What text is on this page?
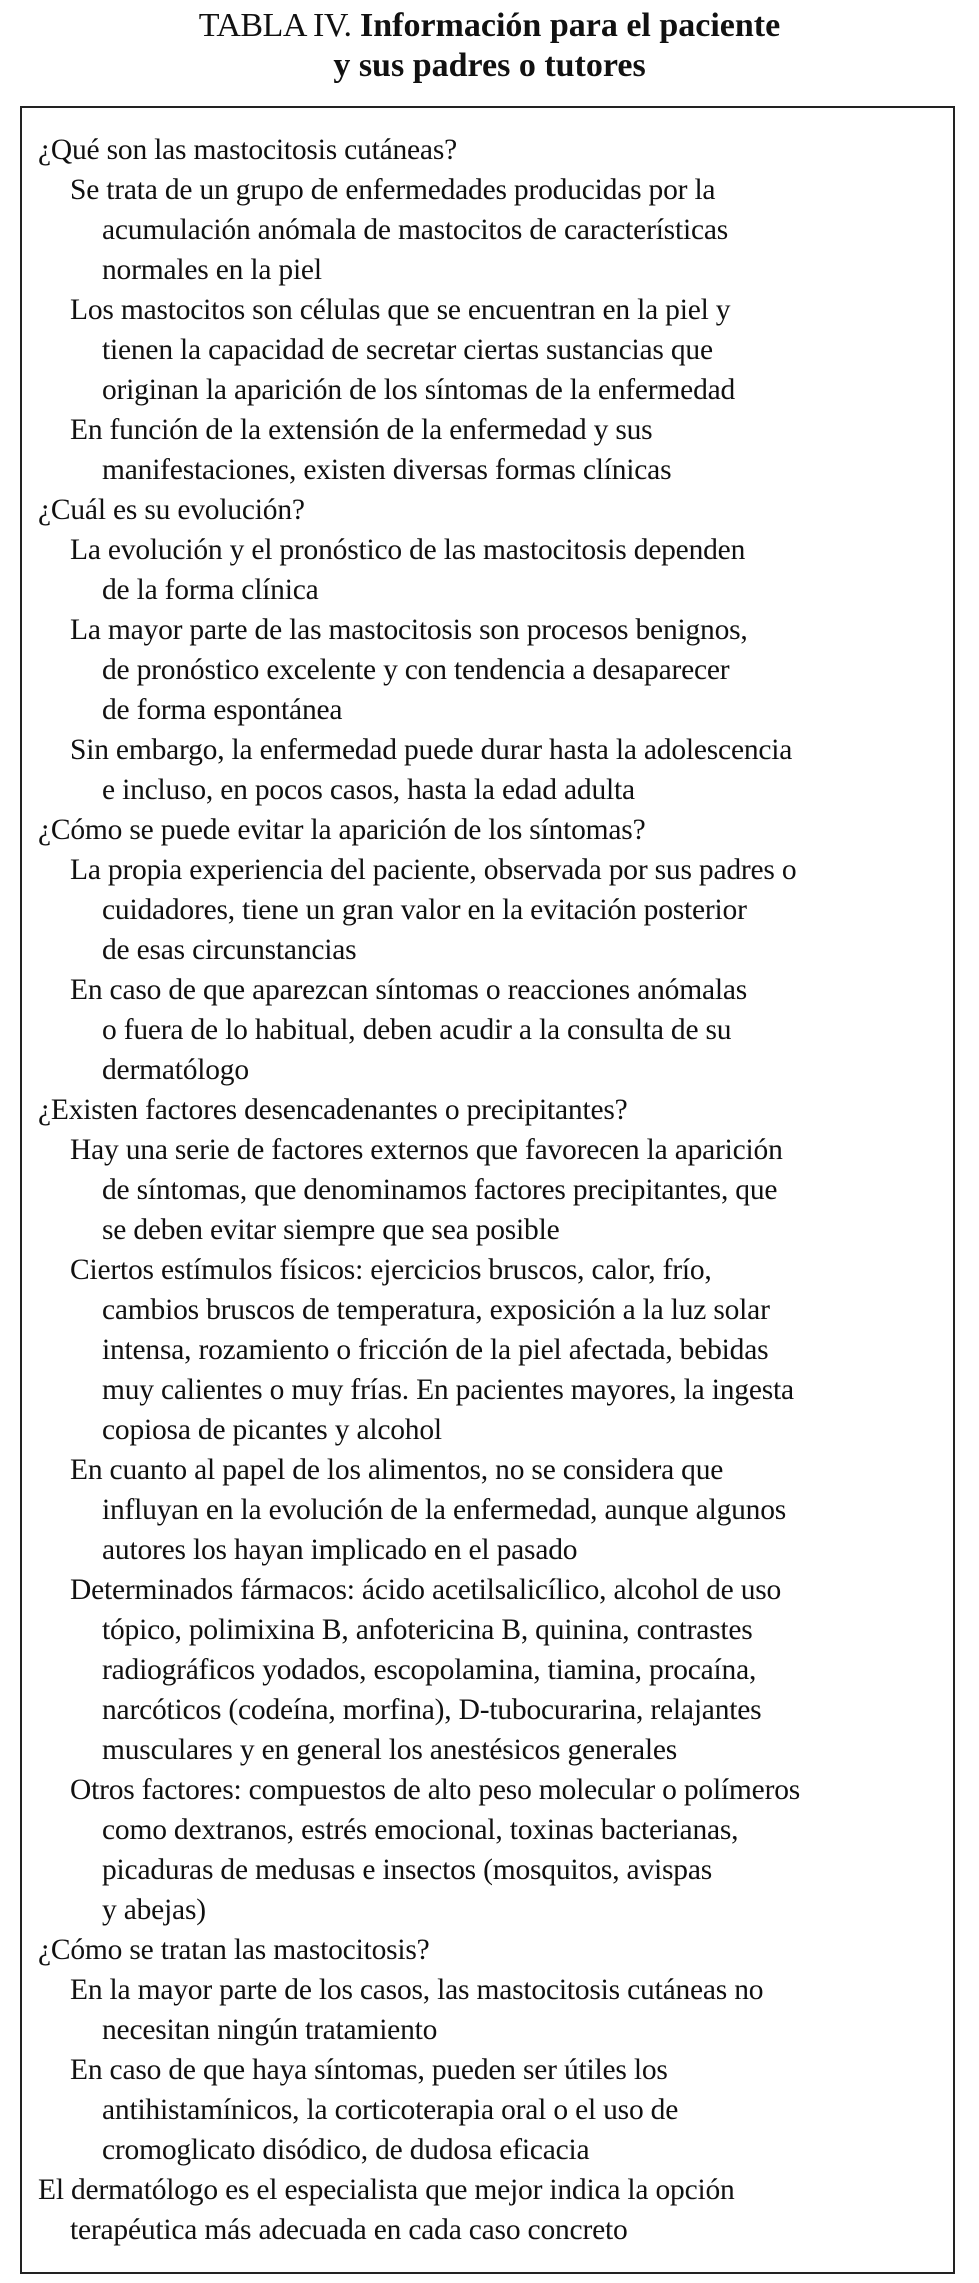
TABLA IV. Información para el paciente
y sus padres o tutores
¿Qué son las mastocitosis cutáneas?
Se trata de un grupo de enfermedades producidas por la
acumulación anómala de mastocitos de características
normales en la piel
Los mastocitos son células que se encuentran en la piel y
tienen la capacidad de secretar ciertas sustancias que
originan la aparición de los síntomas de la enfermedad
En función de la extensión de la enfermedad y sus
manifestaciones, existen diversas formas clínicas
¿Cuál es su evolución?
La evolución y el pronóstico de las mastocitosis dependen
de la forma clínica
La mayor parte de las mastocitosis son procesos benignos,
de pronóstico excelente y con tendencia a desaparecer
de forma espontánea
Sin embargo, la enfermedad puede durar hasta la adolescencia
e incluso, en pocos casos, hasta la edad adulta
¿Cómo se puede evitar la aparición de los síntomas?
La propia experiencia del paciente, observada por sus padres o
cuidadores, tiene un gran valor en la evitación posterior
de esas circunstancias
En caso de que aparezcan síntomas o reacciones anómalas
o fuera de lo habitual, deben acudir a la consulta de su
dermatólogo
¿Existen factores desencadenantes o precipitantes?
Hay una serie de factores externos que favorecen la aparición
de síntomas, que denominamos factores precipitantes, que
se deben evitar siempre que sea posible
Ciertos estímulos físicos: ejercicios bruscos, calor, frío,
cambios bruscos de temperatura, exposición a la luz solar
intensa, rozamiento o fricción de la piel afectada, bebidas
muy calientes o muy frías. En pacientes mayores, la ingesta
copiosa de picantes y alcohol
En cuanto al papel de los alimentos, no se considera que
influyan en la evolución de la enfermedad, aunque algunos
autores los hayan implicado en el pasado
Determinados fármacos: ácido acetilsalicílico, alcohol de uso
tópico, polimixina B, anfotericina B, quinina, contrastes
radiográficos yodados, escopolamina, tiamina, procaína,
narcóticos (codeína, morfina), D-tubocurarina, relajantes
musculares y en general los anestésicos generales
Otros factores: compuestos de alto peso molecular o polímeros
como dextranos, estrés emocional, toxinas bacterianas,
picaduras de medusas e insectos (mosquitos, avispas
y abejas)
¿Cómo se tratan las mastocitosis?
En la mayor parte de los casos, las mastocitosis cutáneas no
necesitan ningún tratamiento
En caso de que haya síntomas, pueden ser útiles los
antihistamínicos, la corticoterapia oral o el uso de
cromoglicato disódico, de dudosa eficacia
El dermatólogo es el especialista que mejor indica la opción
terapéutica más adecuada en cada caso concreto
